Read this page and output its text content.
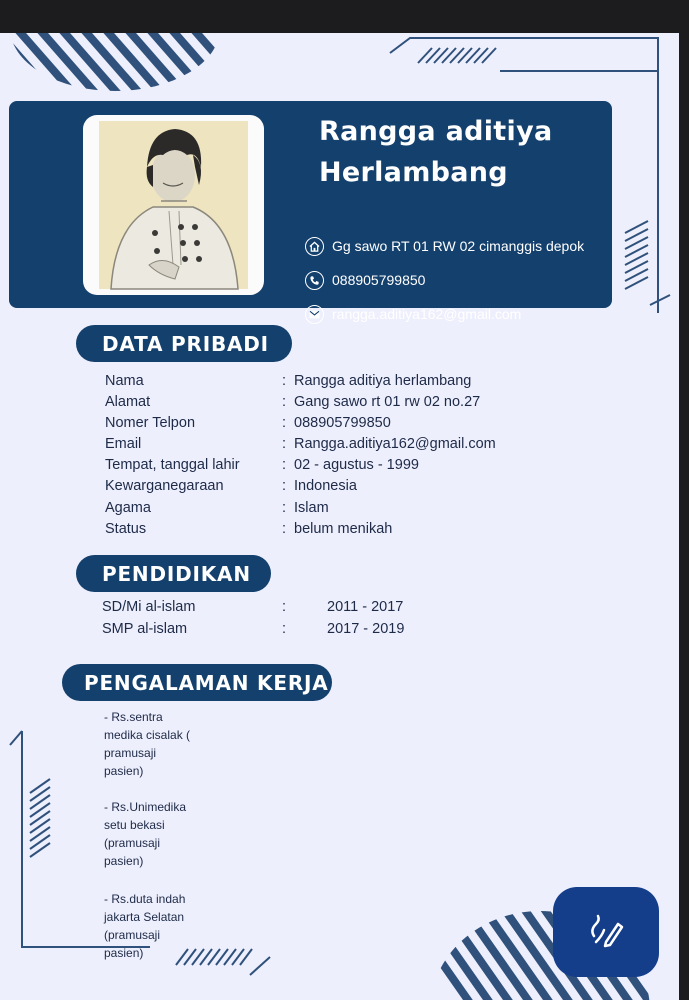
Rangga aditiya
Herlambang
Gg sawo RT 01 RW 02 cimanggis depok
088905799850
rangga.aditiya162@gmail.com
DATA PRIBADI
Nama	: Rangga aditiya herlambang
Alamat	: Gang sawo rt 01 rw 02 no.27
Nomer Telpon	: 088905799850
Email	: Rangga.aditiya162@gmail.com
Tempat, tanggal lahir	: 02 - agustus - 1999
Kewarganegaraan	: Indonesia
Agama	: Islam
Status	: belum menikah
PENDIDIKAN
SD/Mi al-islam	:	2011 - 2017
SMP al-islam	:	2017 - 2019
PENGALAMAN KERJA
- Rs.sentra
medika cisalak (
pramusaji
pasien)
- Rs.Unimedika
setu bekasi
(pramusaji
pasien)
- Rs.duta indah
jakarta Selatan
(pramusaji
pasien)
